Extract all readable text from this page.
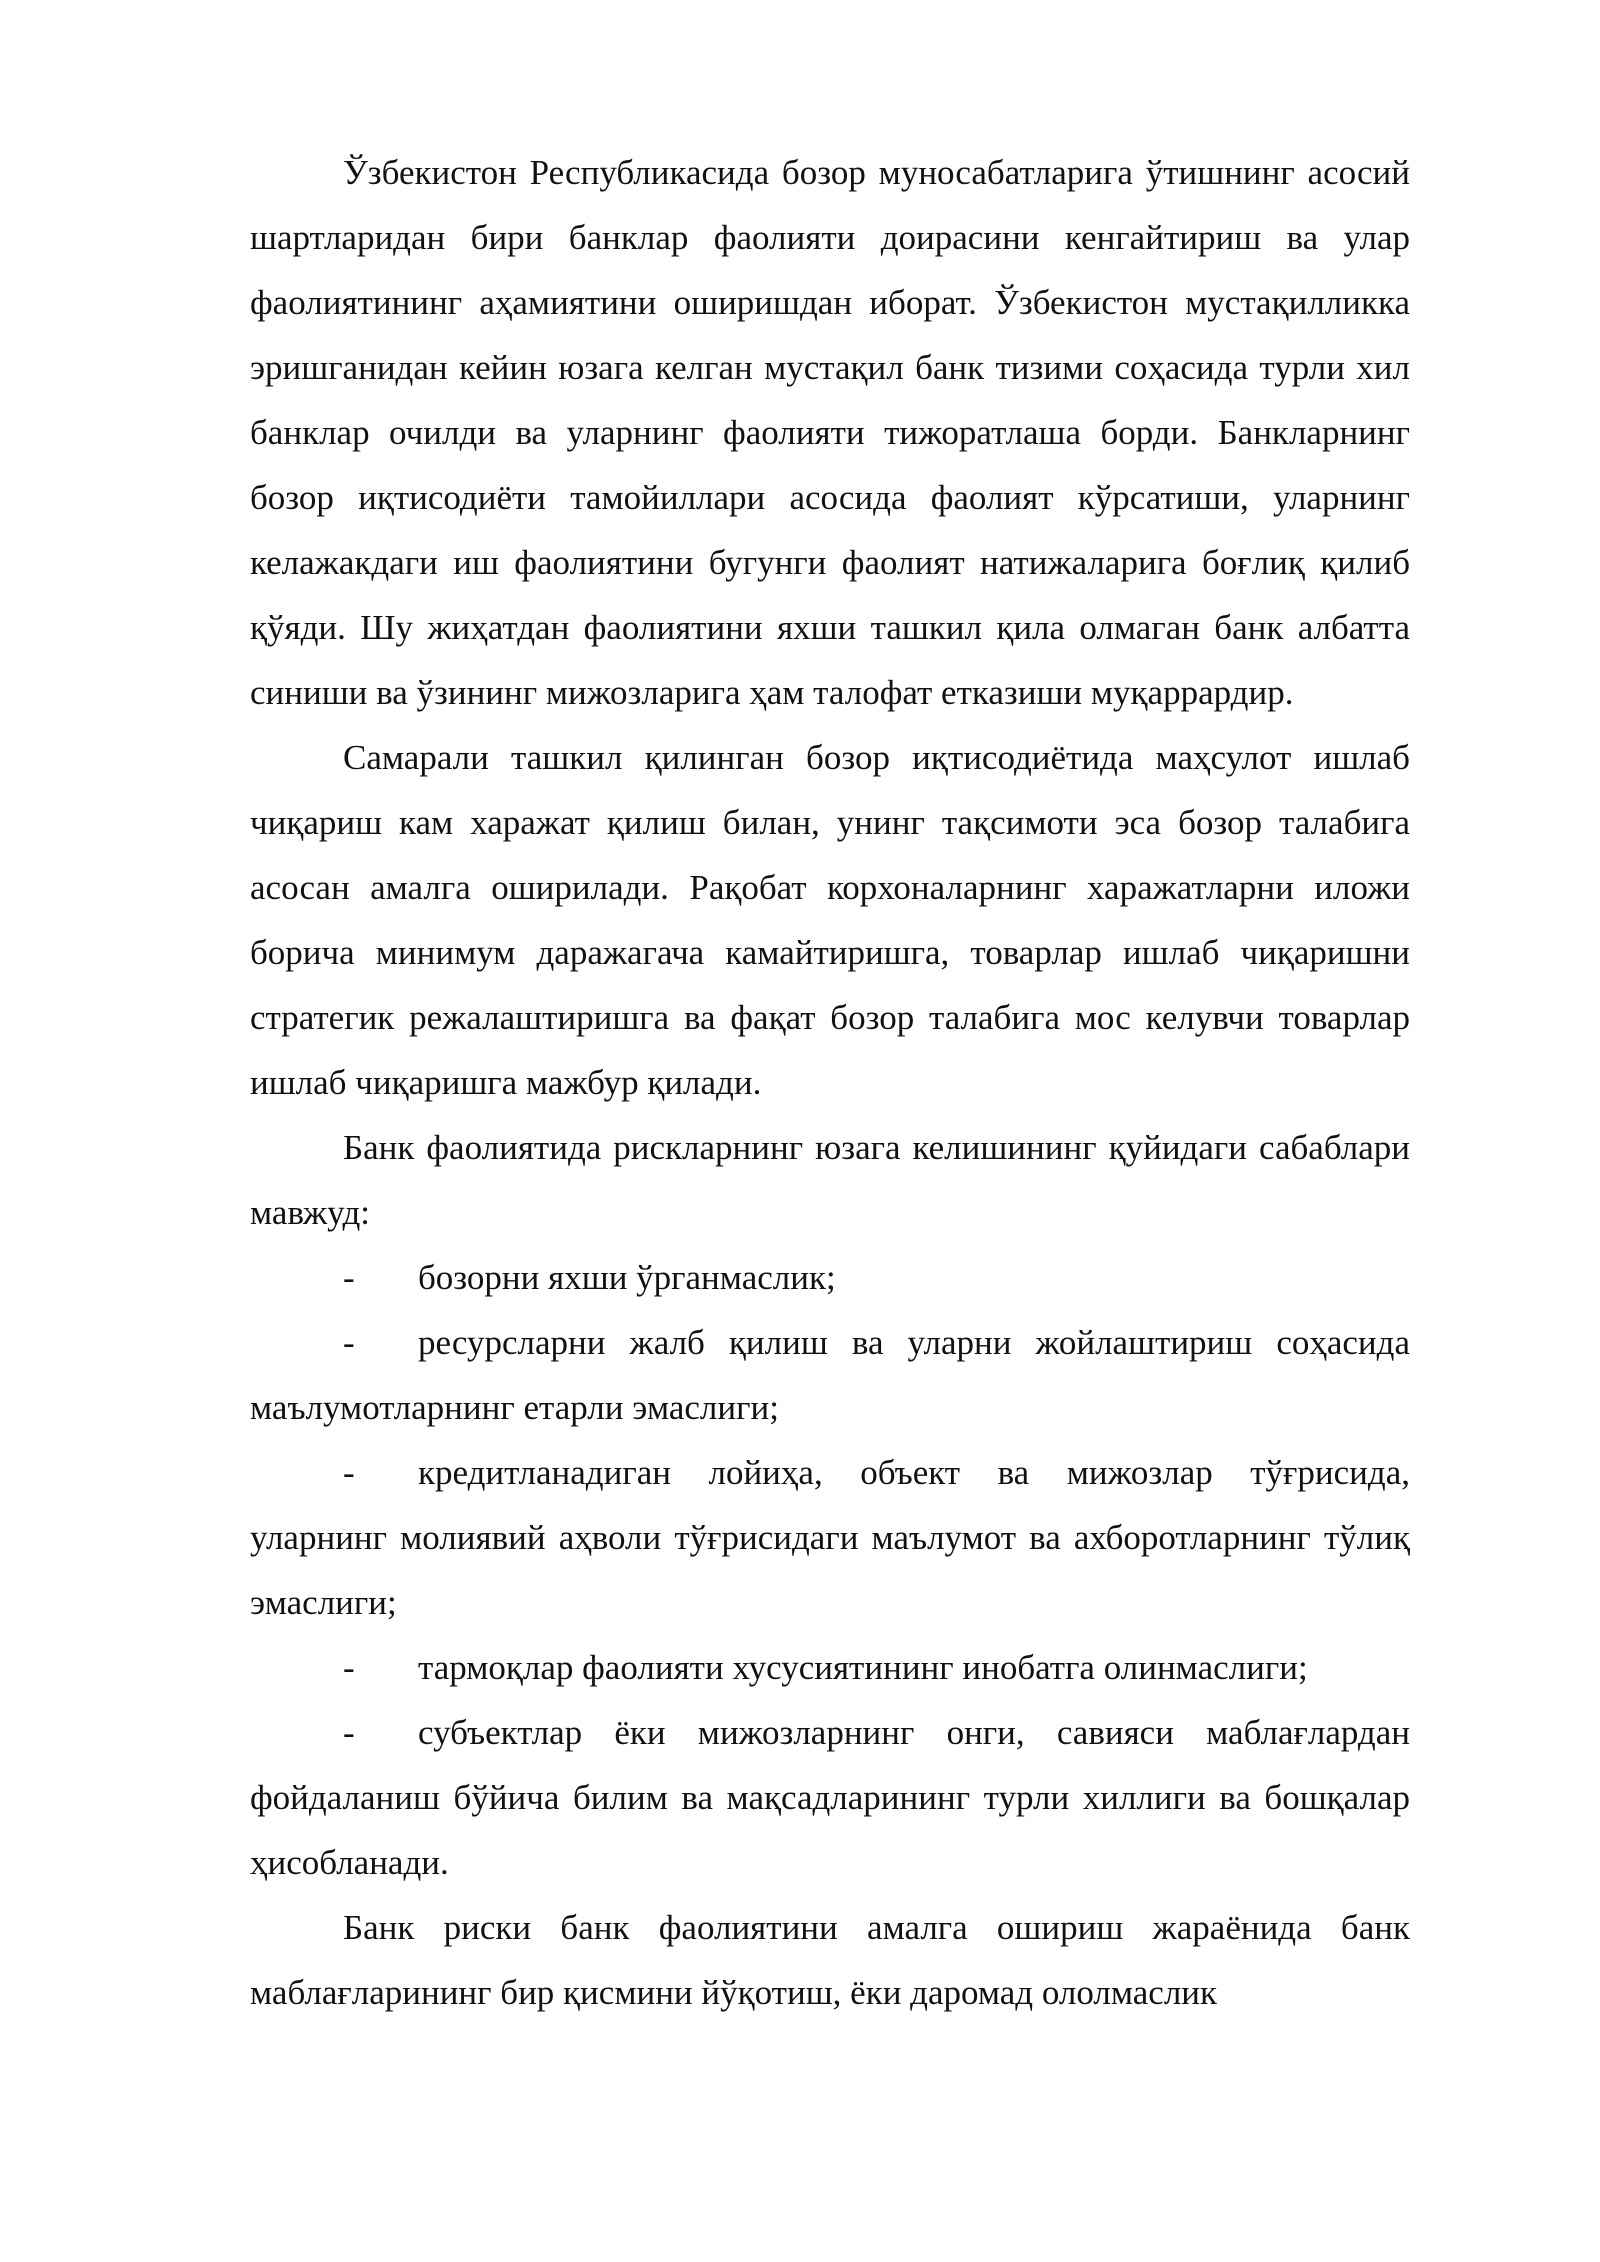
Ўзбекистон Республикасида бозор муносабатларига ўтишнинг асосий шартларидан бири банклар фаолияти доирасини кенгайтириш ва улар фаолиятининг аҳамиятини оширишдан иборат. Ўзбекистон мустақилликка эришганидан кейин юзага келган мустақил банк тизими соҳасида турли хил банклар очилди ва уларнинг фаолияти тижоратлаша борди. Банкларнинг бозор иқтисодиёти тамойиллари асосида фаолият кўрсатиши, уларнинг келажакдаги иш фаолиятини бугунги фаолият натижаларига боғлиқ қилиб қўяди. Шу жиҳатдан фаолиятини яхши ташкил қила олмаган банк албатта синиши ва ўзининг мижозларига ҳам талофат етказиши муқаррардир.

Самарали ташкил қилинган бозор иқтисодиётида маҳсулот ишлаб чиқариш кам харажат қилиш билан, унинг тақсимоти эса бозор талабига асосан амалга оширилади. Рақобат корхоналарнинг харажатларни иложи борича минимум даражагача камайтиришга, товарлар ишлаб чиқаришни стратегик режалаштиришга ва фақат бозор талабига мос келувчи товарлар ишлаб чиқаришга мажбур қилади.

Банк фаолиятида рискларнинг юзага келишининг қуйидаги сабаблари мавжуд:

- бозорни яхши ўрганмаслик;

- ресурсларни жалб қилиш ва уларни жойлаштириш соҳасида маълумотларнинг етарли эмаслиги;

- кредитланадиган лойиҳа, объект ва мижозлар тўғрисида, уларнинг молиявий аҳволи тўғрисидаги маълумот ва ахборотларнинг тўлиқ эмаслиги;

- тармоқлар фаолияти хусусиятининг инобатга олинмаслиги;

- субъектлар ёки мижозларнинг онги, савияси маблағлардан фойдаланиш бўйича билим ва мақсадларининг турли хиллиги ва бошқалар ҳисобланади.

Банк риски банк фаолиятини амалга ошириш жараёнида банк маблағларининг бир қисмини йўқотиш, ёки даромад ололмаслик
